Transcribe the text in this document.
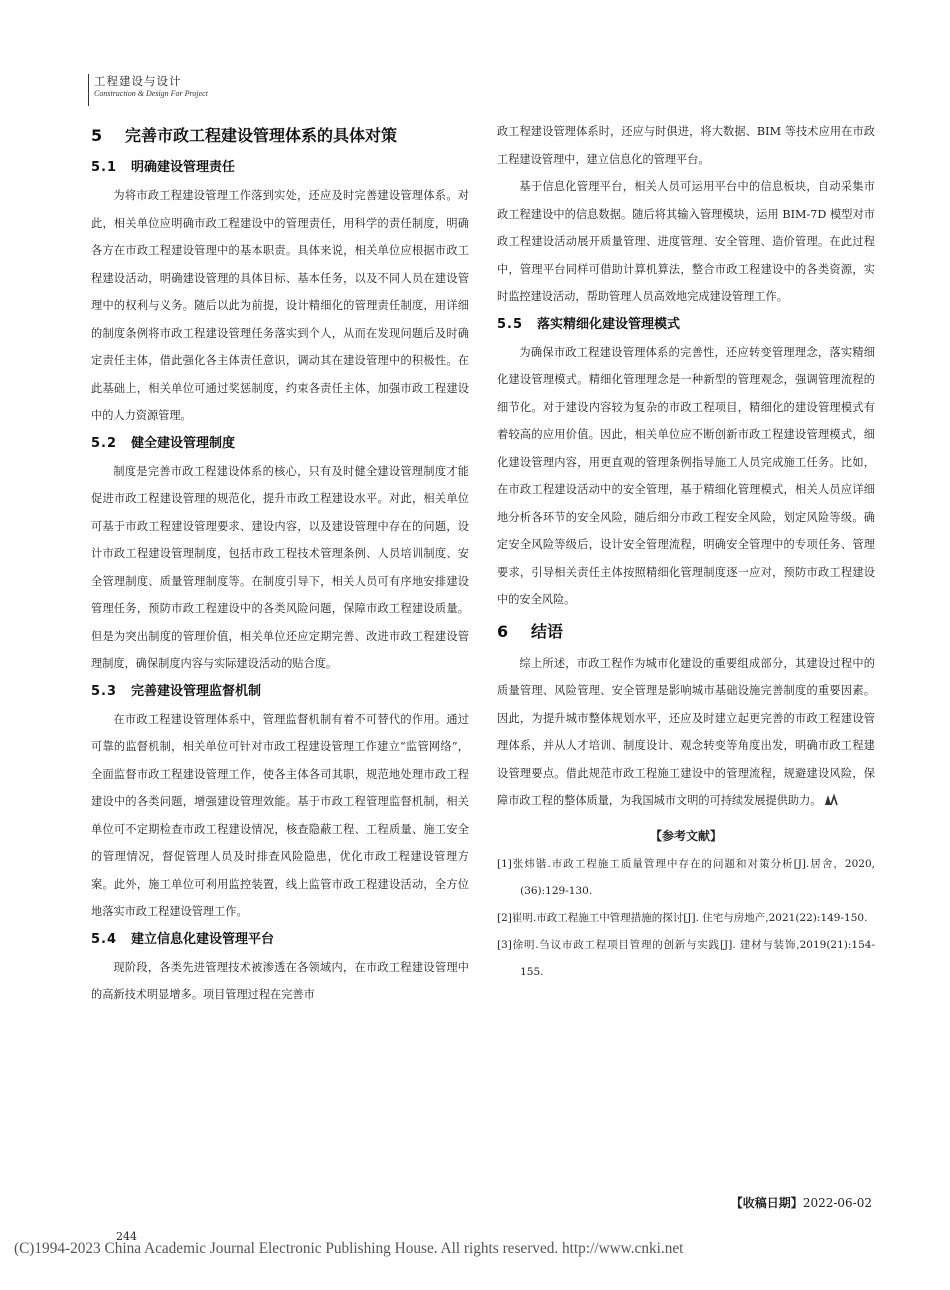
工程建设与设计
Construction & Design For Project
5 完善市政工程建设管理体系的具体对策
5.1 明确建设管理责任

为将市政工程建设管理工作落到实处，还应及时完善建设管理体系。对此，相关单位应明确市政工程建设中的管理责任，用科学的责任制度，明确各方在市政工程建设管理中的基本职责。具体来说，相关单位应根据市政工程建设活动，明确建设管理的具体目标、基本任务，以及不同人员在建设管理中的权利与义务。随后以此为前提，设计精细化的管理责任制度，用详细的制度条例将市政工程建设管理任务落实到个人，从而在发现问题后及时确定责任主体，借此强化各主体责任意识，调动其在建设管理中的积极性。在此基础上，相关单位可通过奖惩制度，约束各责任主体，加强市政工程建设中的人力资源管理。

5.2 健全建设管理制度

制度是完善市政工程建设体系的核心，只有及时健全建设管理制度才能促进市政工程建设管理的规范化，提升市政工程建设水平。对此，相关单位可基于市政工程建设管理要求、建设内容，以及建设管理中存在的问题，设计市政工程建设管理制度，包括市政工程技术管理条例、人员培训制度、安全管理制度、质量管理制度等。在制度引导下，相关人员可有序地安排建设管理任务，预防市政工程建设中的各类风险问题，保障市政工程建设质量。但是为突出制度的管理价值，相关单位还应定期完善、改进市政工程建设管理制度，确保制度内容与实际建设活动的贴合度。

5.3 完善建设管理监督机制

在市政工程建设管理体系中，管理监督机制有着不可替代的作用。通过可靠的监督机制，相关单位可针对市政工程建设管理工作建立“监管网络”，全面监督市政工程建设管理工作，使各主体各司其职，规范地处理市政工程建设中的各类问题，增强建设管理效能。基于市政工程管理监督机制，相关单位可不定期检查市政工程建设情况，核查隐蔽工程、工程质量、施工安全的管理情况，督促管理人员及时排查风险隐患，优化市政工程建设管理方案。此外，施工单位可利用监控装置，线上监管市政工程建设活动，全方位地落实市政工程建设管理工作。

5.4 建立信息化建设管理平台

现阶段，各类先进管理技术被渗透在各领域内，在市政工程建设管理中的高新技术明显增多。项目管理过程在完善市

政工程建设管理体系时，还应与时俱进，将大数据、BIM 等技术应用在市政工程建设管理中，建立信息化的管理平台。

基于信息化管理平台，相关人员可运用平台中的信息板块，自动采集市政工程建设中的信息数据。随后将其输入管理模块，运用 BIM-7D 模型对市政工程建设活动展开质量管理、进度管理、安全管理、造价管理。在此过程中，管理平台同样可借助计算机算法，整合市政工程建设中的各类资源，实时监控建设活动，帮助管理人员高效地完成建设管理工作。

5.5 落实精细化建设管理模式

为确保市政工程建设管理体系的完善性，还应转变管理理念，落实精细化建设管理模式。精细化管理理念是一种新型的管理观念，强调管理流程的细节化。对于建设内容较为复杂的市政工程项目，精细化的建设管理模式有着较高的应用价值。因此，相关单位应不断创新市政工程建设管理模式，细化建设管理内容，用更直观的管理条例指导施工人员完成施工任务。比如，在市政工程建设活动中的安全管理，基于精细化管理模式，相关人员应详细地分析各环节的安全风险，随后细分市政工程安全风险，划定风险等级。确定安全风险等级后，设计安全管理流程，明确安全管理中的专项任务、管理要求，引导相关责任主体按照精细化管理制度逐一应对，预防市政工程建设中的安全风险。

6 结语

综上所述，市政工程作为城市化建设的重要组成部分，其建设过程中的质量管理、风险管理、安全管理是影响城市基础设施完善制度的重要因素。因此，为提升城市整体规划水平，还应及时建立起更完善的市政工程建设管理体系，并从人才培训、制度设计、观念转变等角度出发，明确市政工程建设管理要点。借此规范市政工程施工建设中的管理流程，规避建设风险，保障市政工程的整体质量，为我国城市文明的可持续发展提供助力。

【参考文献】
[1]张炜锴.市政工程施工质量管理中存在的问题和对策分析[J].居舍，2020,(36):129-130.
[2]崔明.市政工程施工中管理措施的探讨[J]. 住宅与房地产,2021(22):149-150.
[3]徐明.刍议市政工程项目管理的创新与实践[J]. 建材与装饰,2019(21):154-155.
【收稿日期】2022-06-02
244
(C)1994-2023 China Academic Journal Electronic Publishing House. All rights reserved. http://www.cnki.net
